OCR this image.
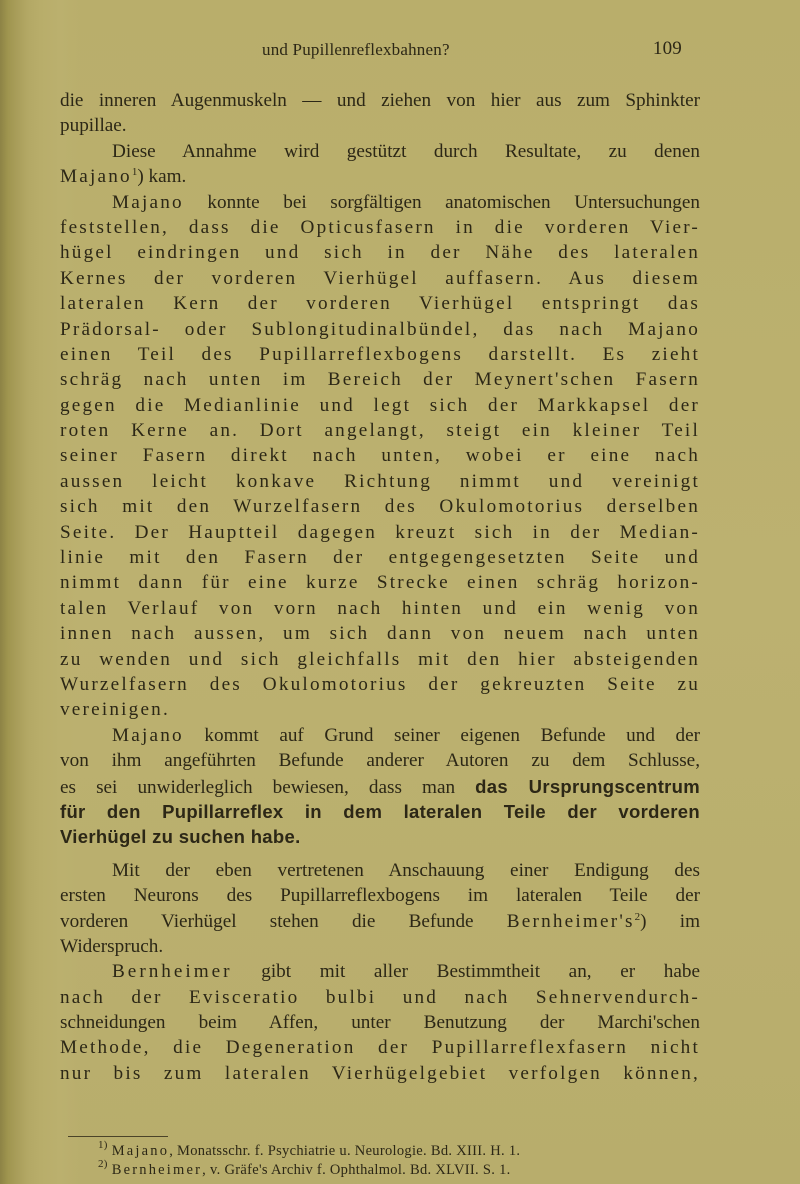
und Pupillenreflexbahnen?	109
die inneren Augenmuskeln — und ziehen von hier aus zum Sphinkter
pupillae.
Diese Annahme wird gestützt durch Resultate, zu denen
Majano$^1$) kam.
Majano konnte bei sorgfältigen anatomischen Untersuchungen
feststellen, dass die Opticusfasern in die vorderen Vier-
hügel eindringen und sich in der Nähe des lateralen
Kernes der vorderen Vierhügel auffasern. Aus diesem
lateralen Kern der vorderen Vierhügel entspringt das
Prädorsal- oder Sublongitudinalbündel, das nach Majano
einen Teil des Pupillarreflexbogens darstellt. Es zieht
schräg nach unten im Bereich der Meynert'schen Fasern
gegen die Medianlinie und legt sich der Markkapsel der
roten Kerne an. Dort angelangt, steigt ein kleiner Teil
seiner Fasern direkt nach unten, wobei er eine nach
aussen leicht konkave Richtung nimmt und vereinigt
sich mit den Wurzelfasern des Okulomotorius derselben
Seite. Der Hauptteil dagegen kreuzt sich in der Median-
linie mit den Fasern der entgegengesetzten Seite und
nimmt dann für eine kurze Strecke einen schräg horizon-
talen Verlauf von vorn nach hinten und ein wenig von
innen nach aussen, um sich dann von neuem nach unten
zu wenden und sich gleichfalls mit den hier absteigenden
Wurzelfasern des Okulomotorius der gekreuzten Seite zu
vereinigen.
Majano kommt auf Grund seiner eigenen Befunde und der
von ihm angeführten Befunde anderer Autoren zu dem Schlusse,
es sei unwiderleglich bewiesen, dass man das Ursprungscentrum
für den Pupillarreflex in dem lateralen Teile der vorderen
Vierhügel zu suchen habe.
Mit der eben vertretenen Anschauung einer Endigung des
ersten Neurons des Pupillarreflexbogens im lateralen Teile der
vorderen Vierhügel stehen die Befunde $Bernheimer's^2$) im
Widerspruch.
Bernheimer gibt mit aller Bestimmtheit an, er habe
nach der Evisceratio bulbi und nach Sehnervendurch-
schneidungen beim Affen, unter Benutzung der Marchi'schen
Methode, die Degeneration der Pupillarreflexfasern nicht
nur bis zum lateralen Vierhügelgebiet verfolgen können,
$^{1)}$ Majano, Monatsschr. f. Psychiatrie u. Neurologie. Bd. XIII. H. 1.
$^{2)}$ Bernheimer, v. Gräfe's Archiv f. Ophthalmol. Bd. XLVII. S. 1.
